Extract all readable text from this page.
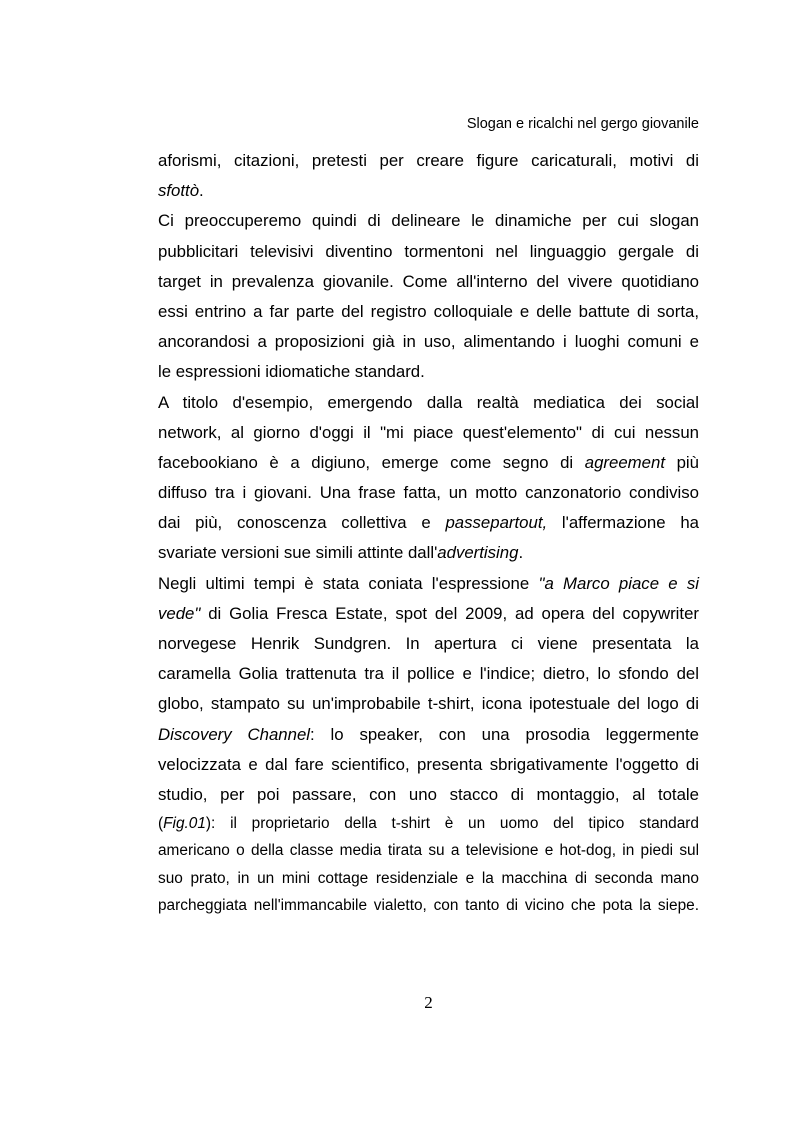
Slogan e ricalchi nel gergo giovanile
aforismi, citazioni, pretesti per creare figure caricaturali, motivi di
sfottò.
Ci preoccuperemo quindi di delineare le dinamiche per cui slogan
pubblicitari televisivi diventino tormentoni nel linguaggio gergale di
target in prevalenza giovanile. Come all'interno del vivere quotidiano
essi entrino a far parte del registro colloquiale e delle battute di sorta,
ancorandosi a proposizioni già in uso, alimentando i luoghi comuni e
le espressioni idiomatiche standard.
A titolo d'esempio, emergendo dalla realtà mediatica dei social
network, al giorno d'oggi il "mi piace quest'elemento" di cui nessun
facebookiano è a digiuno, emerge come segno di agreement più
diffuso tra i giovani. Una frase fatta, un motto canzonatorio condiviso
dai più, conoscenza collettiva e passepartout, l'affermazione ha
svariate versioni sue simili attinte dall'advertising.
Negli ultimi tempi è stata coniata l'espressione "a Marco piace e si
vede" di Golia Fresca Estate, spot del 2009, ad opera del copywriter
norvegese Henrik Sundgren. In apertura ci viene presentata la
caramella Golia trattenuta tra il pollice e l'indice; dietro, lo sfondo del
globo, stampato su un'improbabile t-shirt, icona ipotestuale del logo di
Discovery Channel: lo speaker, con una prosodia leggermente
velocizzata e dal fare scientifico, presenta sbrigativamente l'oggetto di
studio, per poi passare, con uno stacco di montaggio, al totale
(Fig.01): il proprietario della t-shirt è un uomo del tipico standard
americano o della classe media tirata su a televisione e hot-dog, in piedi sul
suo prato, in un mini cottage residenziale e la macchina di seconda mano
parcheggiata nell'immancabile vialetto, con tanto di vicino che pota la siepe.
2
